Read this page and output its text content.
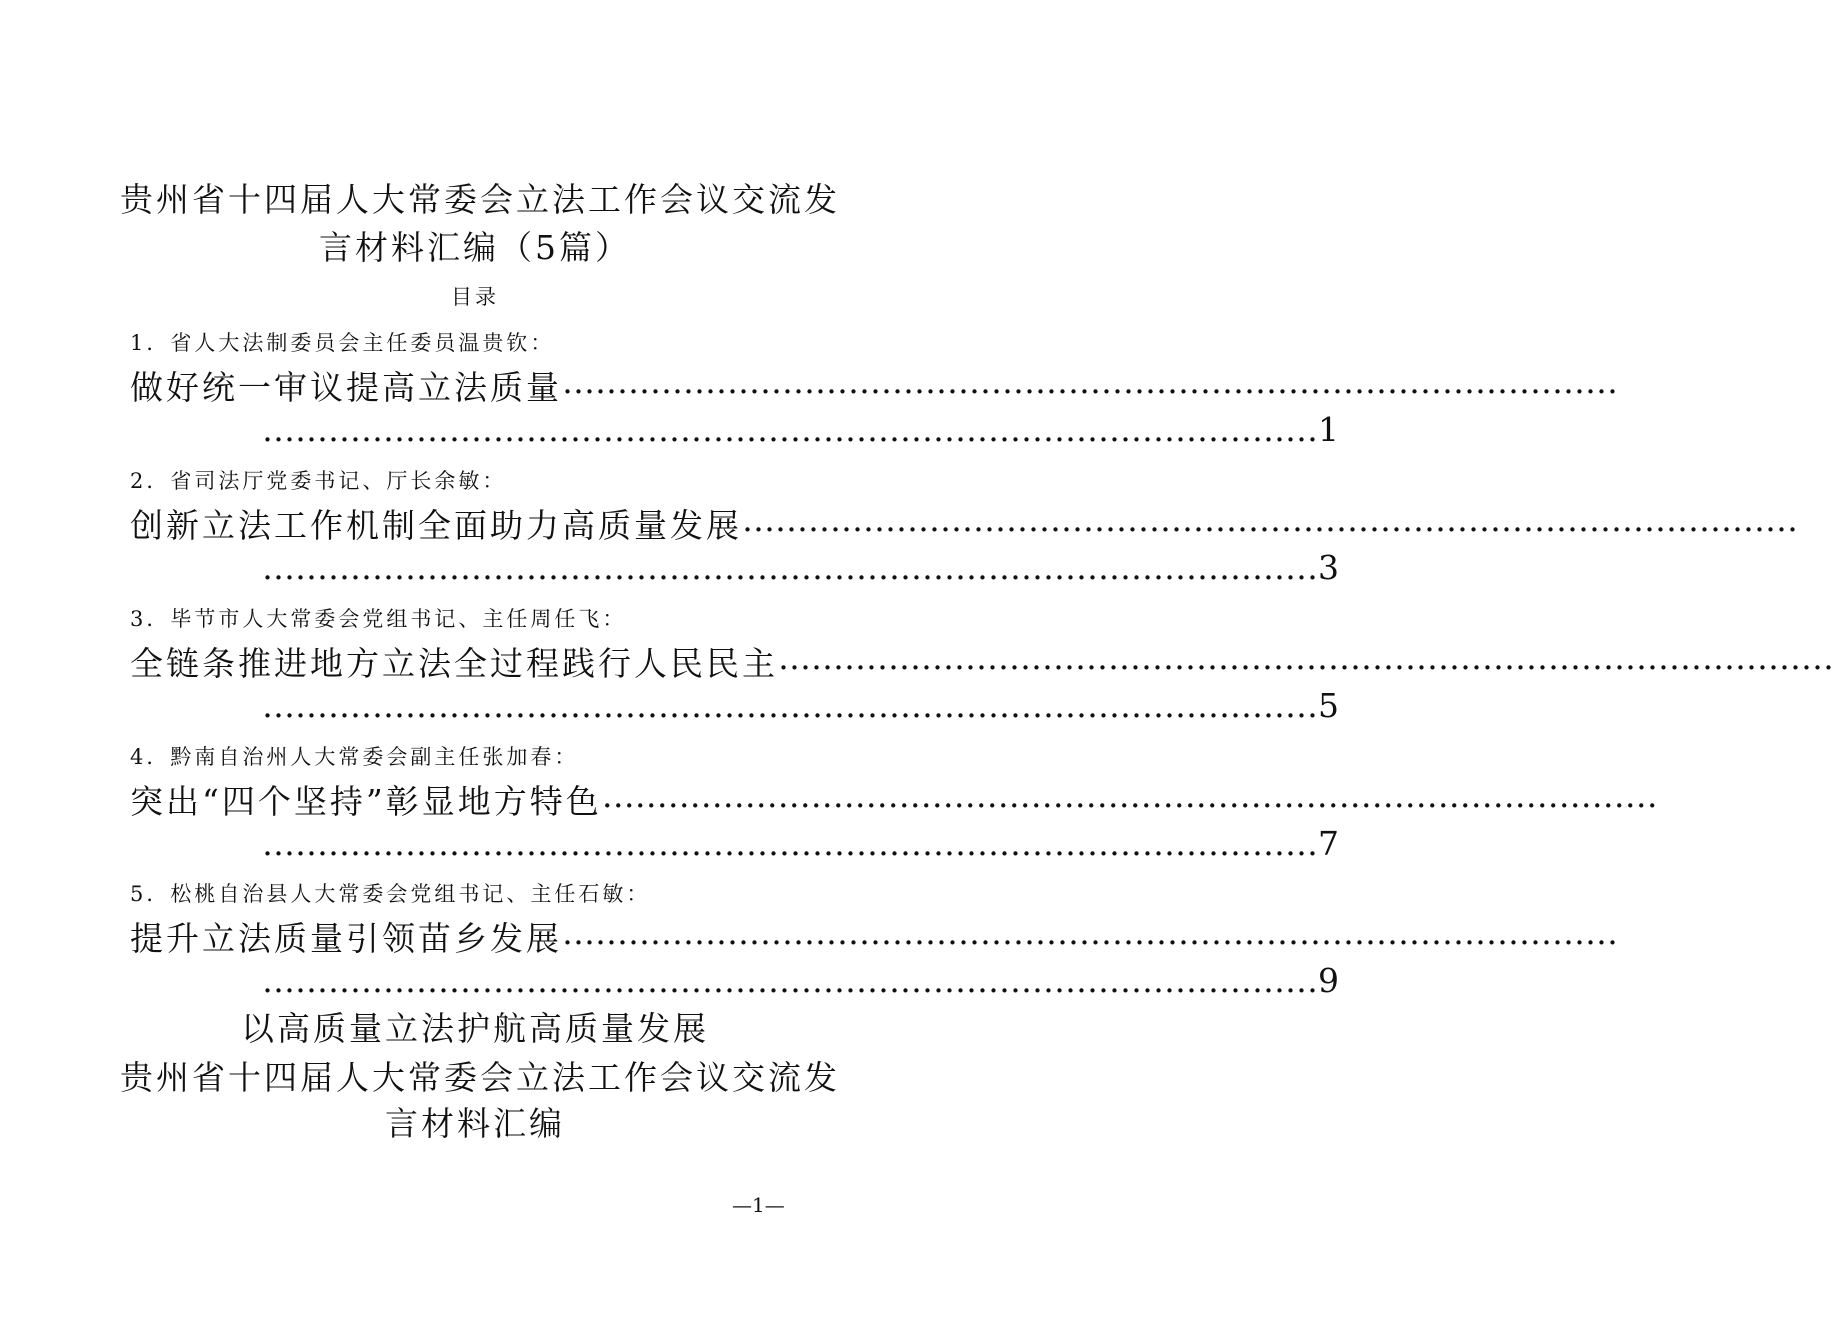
贵州省十四届人大常委会立法工作会议交流发
言材料汇编（5篇）
目录
1．省人大法制委员会主任委员温贵钦：
做好统一审议提高立法质量 ……………………………………………………………………………………
…………………………………………………………………………………… 1
2．省司法厅党委书记、厅长余敏：
创新立法工作机制全面助力高质量发展 ……………………………………………………………………………………
…………………………………………………………………………………… 3
3．毕节市人大常委会党组书记、主任周任飞：
全链条推进地方立法全过程践行人民民主 ……………………………………………………………………………………
…………………………………………………………………………………… 5
4．黔南自治州人大常委会副主任张加春：
突出“四个坚持”彰显地方特色 ……………………………………………………………………………………
…………………………………………………………………………………… 7
5．松桃自治县人大常委会党组书记、主任石敏：
提升立法质量引领苗乡发展 ……………………………………………………………………………………
…………………………………………………………………………………… 9
以高质量立法护航高质量发展
贵州省十四届人大常委会立法工作会议交流发
言材料汇编
—1—
